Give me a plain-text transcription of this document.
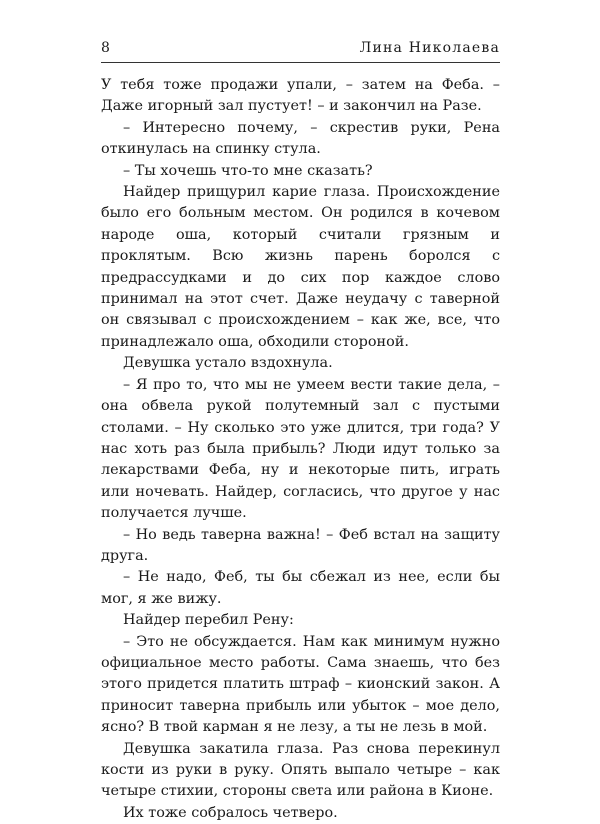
8	Лина Николаева

У тебя тоже продажи упали, – затем на Феба. – Даже игорный зал пустует! – и закончил на Разе.

– Интересно почему, – скрестив руки, Рена откинулась на спинку стула.

– Ты хочешь что-то мне сказать?

Найдер прищурил карие глаза. Происхождение было его больным местом. Он родился в кочевом народе оша, который считали грязным и проклятым. Всю жизнь парень боролся с предрассудками и до сих пор каждое слово принимал на этот счет. Даже неудачу с таверной он связывал с происхождением – как же, все, что принадлежало оша, обходили стороной.

Девушка устало вздохнула.

– Я про то, что мы не умеем вести такие дела, – она обвела рукой полутемный зал с пустыми столами. – Ну сколько это уже длится, три года? У нас хоть раз была прибыль? Люди идут только за лекарствами Феба, ну и некоторые пить, играть или ночевать. Найдер, согласись, что другое у нас получается лучше.

– Но ведь таверна важна! – Феб встал на защиту друга.

– Не надо, Феб, ты бы сбежал из нее, если бы мог, я же вижу.

Найдер перебил Рену:

– Это не обсуждается. Нам как минимум нужно официальное место работы. Сама знаешь, что без этого придется платить штраф – кионский закон. А приносит таверна прибыль или убыток – мое дело, ясно? В твой карман я не лезу, а ты не лезь в мой.

Девушка закатила глаза. Раз снова перекинул кости из руки в руку. Опять выпало четыре – как четыре стихии, стороны света или района в Кионе.

Их тоже собралось четверо.
